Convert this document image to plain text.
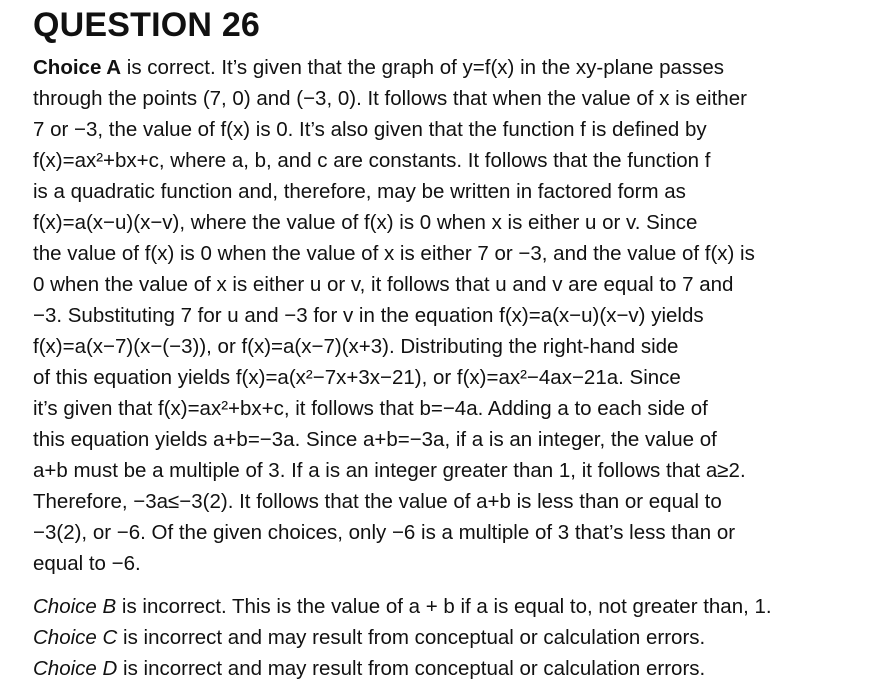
QUESTION 26
Choice A is correct. It’s given that the graph of y=f(x) in the xy-plane passes
through the points (7, 0) and (−3, 0). It follows that when the value of x is either
7 or −3, the value of f(x) is 0. It’s also given that the function f is defined by
f(x)=ax²+bx+c, where a, b, and c are constants. It follows that the function f
is a quadratic function and, therefore, may be written in factored form as
f(x)=a(x−u)(x−v), where the value of f(x) is 0 when x is either u or v. Since
the value of f(x) is 0 when the value of x is either 7 or −3, and the value of f(x) is
0 when the value of x is either u or v, it follows that u and v are equal to 7 and
−3. Substituting 7 for u and −3 for v in the equation f(x)=a(x−u)(x−v) yields
f(x)=a(x−7)(x−(−3)), or f(x)=a(x−7)(x+3). Distributing the right-hand side
of this equation yields f(x)=a(x²−7x+3x−21), or f(x)=ax²−4ax−21a. Since
it’s given that f(x)=ax²+bx+c, it follows that b=−4a. Adding a to each side of
this equation yields a+b=−3a. Since a+b=−3a, if a is an integer, the value of
a+b must be a multiple of 3. If a is an integer greater than 1, it follows that a≥2.
Therefore, −3a≤−3(2). It follows that the value of a+b is less than or equal to
−3(2), or −6. Of the given choices, only −6 is a multiple of 3 that’s less than or
equal to −6.
Choice B is incorrect. This is the value of a + b if a is equal to, not greater than, 1.
Choice C is incorrect and may result from conceptual or calculation errors.
Choice D is incorrect and may result from conceptual or calculation errors.
